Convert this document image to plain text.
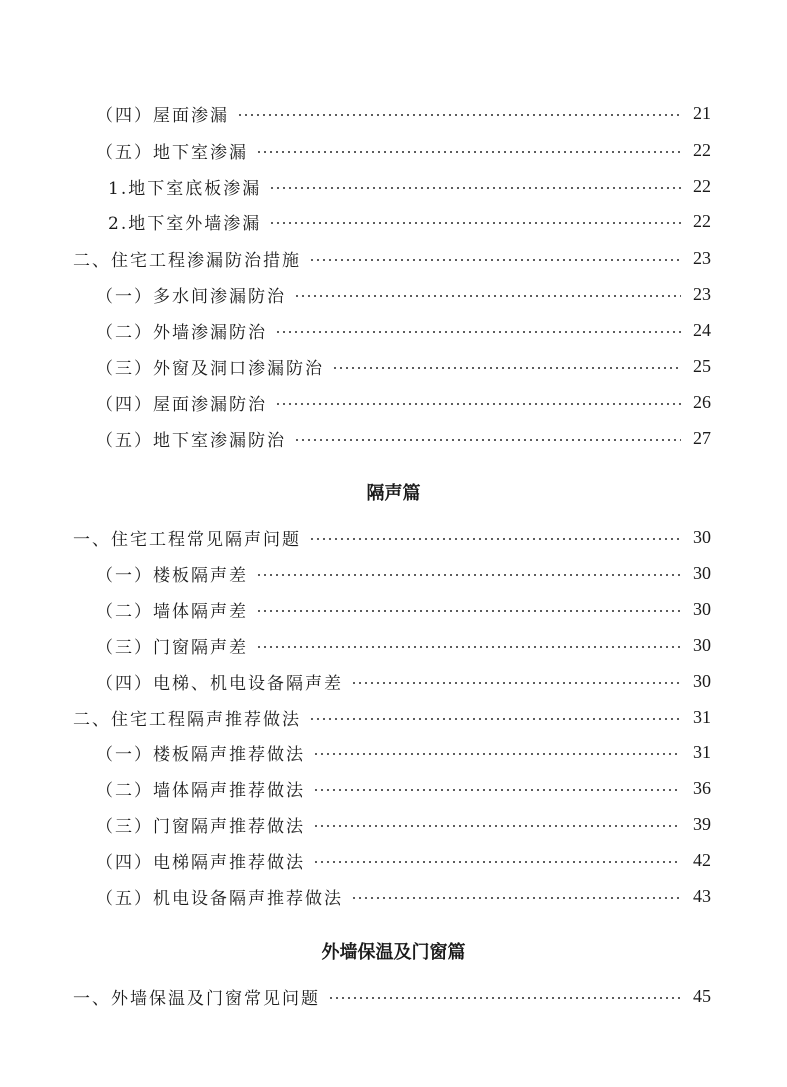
（四）屋面渗漏	21
（五）地下室渗漏	22
1.地下室底板渗漏	22
2.地下室外墙渗漏	22
二、住宅工程渗漏防治措施	23
（一）多水间渗漏防治	23
（二）外墙渗漏防治	24
（三）外窗及洞口渗漏防治	25
（四）屋面渗漏防治	26
（五）地下室渗漏防治	27
隔声篇
一、住宅工程常见隔声问题	30
（一）楼板隔声差	30
（二）墙体隔声差	30
（三）门窗隔声差	30
（四）电梯、机电设备隔声差	30
二、住宅工程隔声推荐做法	31
（一）楼板隔声推荐做法	31
（二）墙体隔声推荐做法	36
（三）门窗隔声推荐做法	39
（四）电梯隔声推荐做法	42
（五）机电设备隔声推荐做法	43
外墙保温及门窗篇
一、外墙保温及门窗常见问题	45
